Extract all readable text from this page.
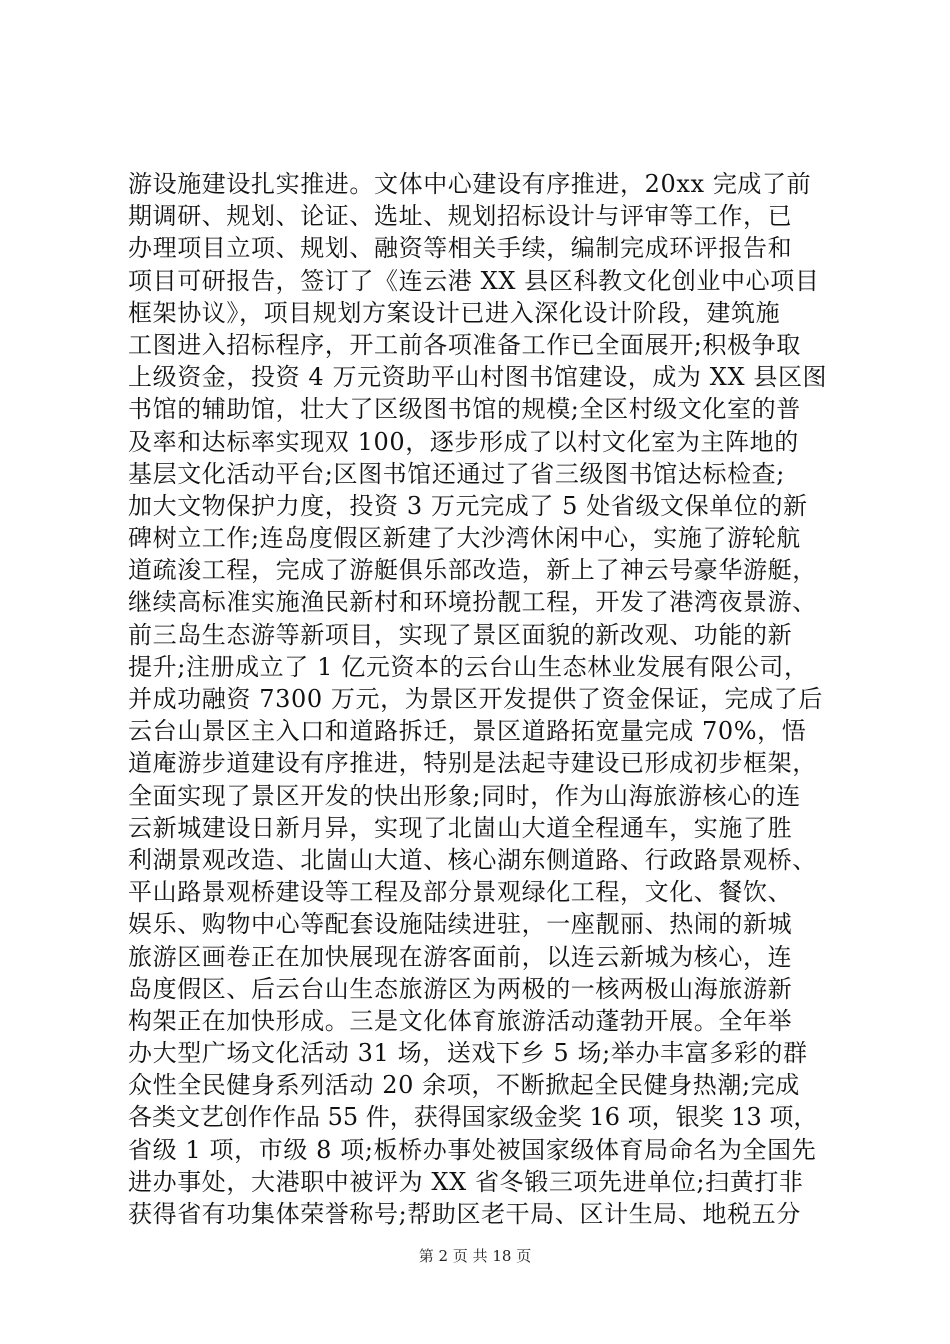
游设施建设扎实推进。文体中心建设有序推进，20xx 完成了前
期调研、规划、论证、选址、规划招标设计与评审等工作，已
办理项目立项、规划、融资等相关手续，编制完成环评报告和
项目可研报告，签订了《连云港 XX 县区科教文化创业中心项目
框架协议》，项目规划方案设计已进入深化设计阶段，建筑施
工图进入招标程序，开工前各项准备工作已全面展开;积极争取
上级资金，投资 4 万元资助平山村图书馆建设，成为 XX 县区图
书馆的辅助馆，壮大了区级图书馆的规模;全区村级文化室的普
及率和达标率实现双 100，逐步形成了以村文化室为主阵地的
基层文化活动平台;区图书馆还通过了省三级图书馆达标检查;
加大文物保护力度，投资 3 万元完成了 5 处省级文保单位的新
碑树立工作;连岛度假区新建了大沙湾休闲中心，实施了游轮航
道疏浚工程，完成了游艇俱乐部改造，新上了神云号豪华游艇，
继续高标准实施渔民新村和环境扮靓工程，开发了港湾夜景游、
前三岛生态游等新项目，实现了景区面貌的新改观、功能的新
提升;注册成立了 1 亿元资本的云台山生态林业发展有限公司，
并成功融资 7300 万元，为景区开发提供了资金保证，完成了后
云台山景区主入口和道路拆迁，景区道路拓宽量完成 70%，悟
道庵游步道建设有序推进，特别是法起寺建设已形成初步框架，
全面实现了景区开发的快出形象;同时，作为山海旅游核心的连
云新城建设日新月异，实现了北崮山大道全程通车，实施了胜
利湖景观改造、北崮山大道、核心湖东侧道路、行政路景观桥、
平山路景观桥建设等工程及部分景观绿化工程，文化、餐饮、
娱乐、购物中心等配套设施陆续进驻，一座靓丽、热闹的新城
旅游区画卷正在加快展现在游客面前，以连云新城为核心，连
岛度假区、后云台山生态旅游区为两极的一核两极山海旅游新
构架正在加快形成。三是文化体育旅游活动蓬勃开展。全年举
办大型广场文化活动 31 场，送戏下乡 5 场;举办丰富多彩的群
众性全民健身系列活动 20 余项，不断掀起全民健身热潮;完成
各类文艺创作作品 55 件，获得国家级金奖 16 项，银奖 13 项，
省级 1 项，市级 8 项;板桥办事处被国家级体育局命名为全国先
进办事处，大港职中被评为 XX 省冬锻三项先进单位;扫黄打非
获得省有功集体荣誉称号;帮助区老干局、区计生局、地税五分
第 2 页 共 18 页
